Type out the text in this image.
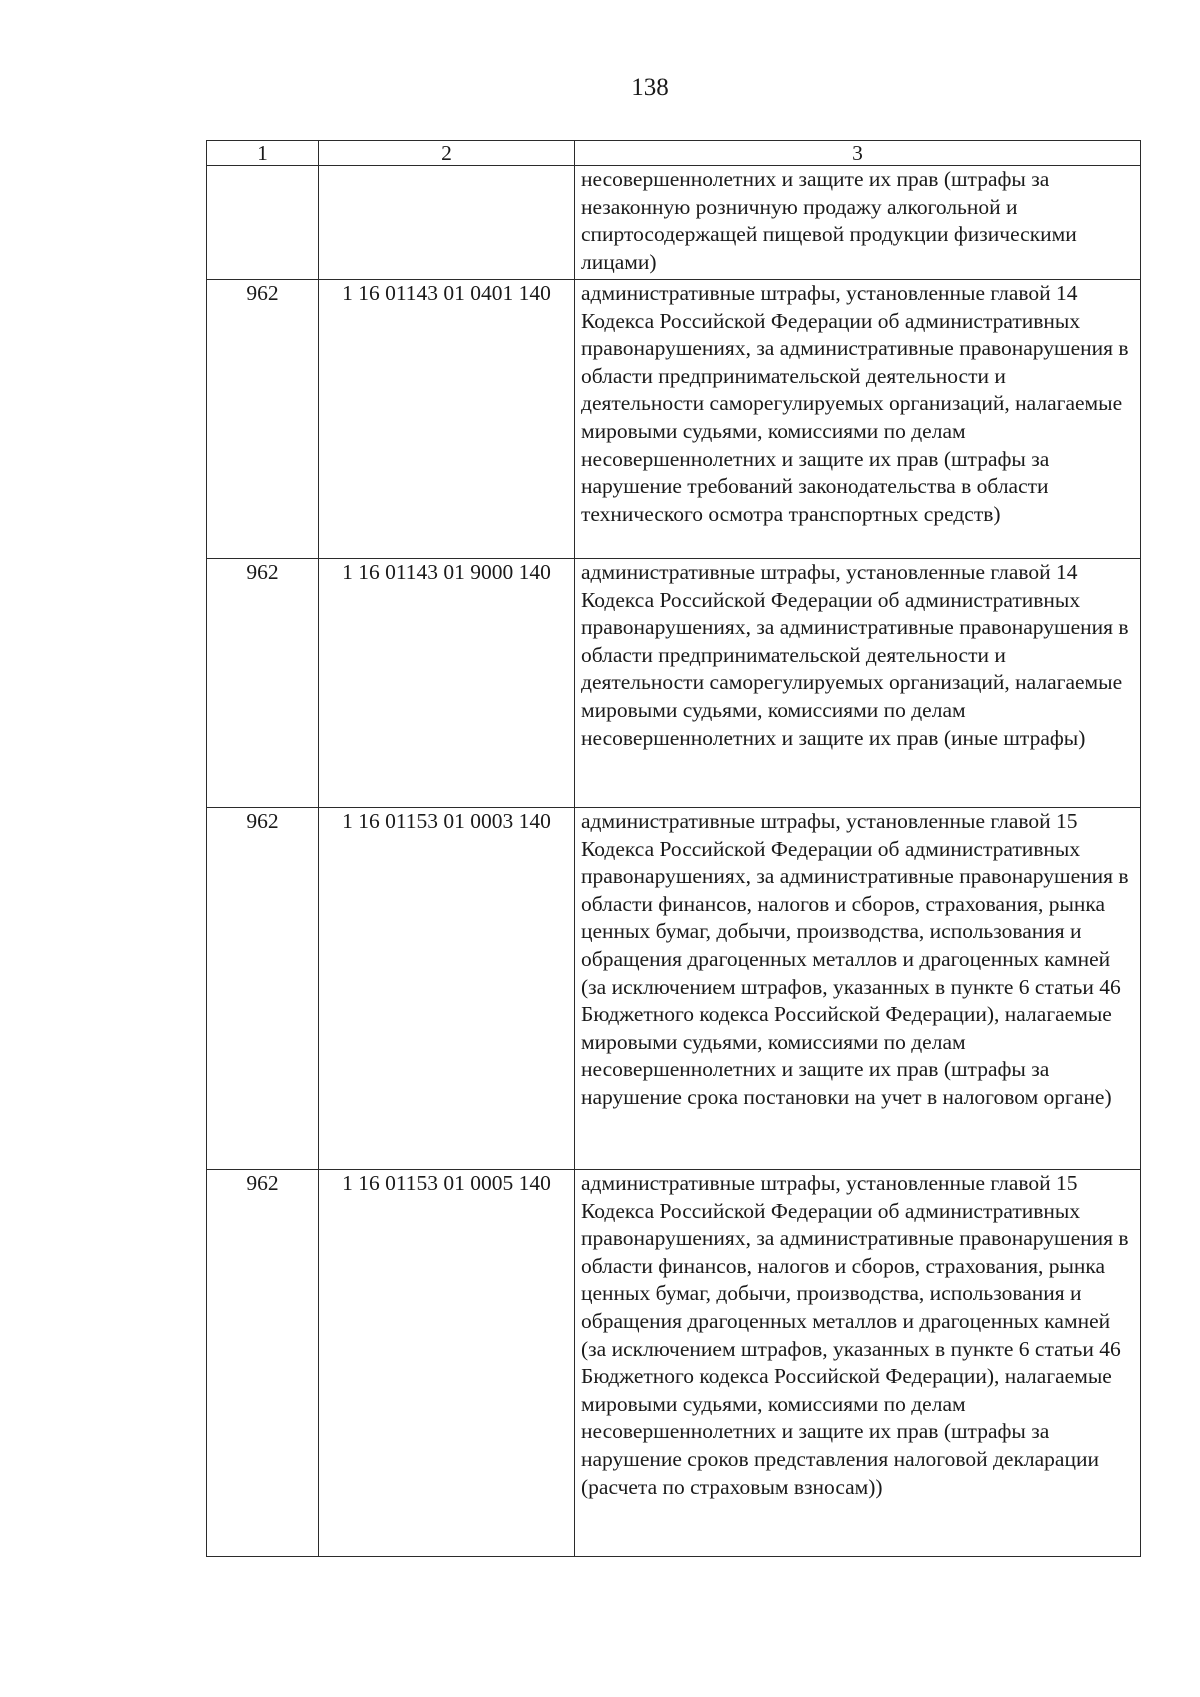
138
1	2	3
		несовершеннолетних и защите их прав (штрафы за незаконную розничную продажу алкогольной и спиртосодержащей пищевой продукции физическими лицами)
962	1 16 01143 01 0401 140	административные штрафы, установленные главой 14 Кодекса Российской Федерации об административных правонарушениях, за административные правонарушения в области предпринимательской деятельности и деятельности саморегулируемых организаций, налагаемые мировыми судьями, комиссиями по делам несовершеннолетних и защите их прав (штрафы за нарушение требований законодательства в области технического осмотра транспортных средств)
962	1 16 01143 01 9000 140	административные штрафы, установленные главой 14 Кодекса Российской Федерации об административных правонарушениях, за административные правонарушения в области предпринимательской деятельности и деятельности саморегулируемых организаций, налагаемые мировыми судьями, комиссиями по делам несовершеннолетних и защите их прав (иные штрафы)
962	1 16 01153 01 0003 140	административные штрафы, установленные главой 15 Кодекса Российской Федерации об административных правонарушениях, за административные правонарушения в области финансов, налогов и сборов, страхования, рынка ценных бумаг, добычи, производства, использования и обращения драгоценных металлов и драгоценных камней (за исключением штрафов, указанных в пункте 6 статьи 46 Бюджетного кодекса Российской Федерации), налагаемые мировыми судьями, комиссиями по делам несовершеннолетних и защите их прав (штрафы за нарушение срока постановки на учет в налоговом органе)
962	1 16 01153 01 0005 140	административные штрафы, установленные главой 15 Кодекса Российской Федерации об административных правонарушениях, за административные правонарушения в области финансов, налогов и сборов, страхования, рынка ценных бумаг, добычи, производства, использования и обращения драгоценных металлов и драгоценных камней (за исключением штрафов, указанных в пункте 6 статьи 46 Бюджетного кодекса Российской Федерации), налагаемые мировыми судьями, комиссиями по делам несовершеннолетних и защите их прав (штрафы за нарушение сроков представления налоговой декларации (расчета по страховым взносам))
